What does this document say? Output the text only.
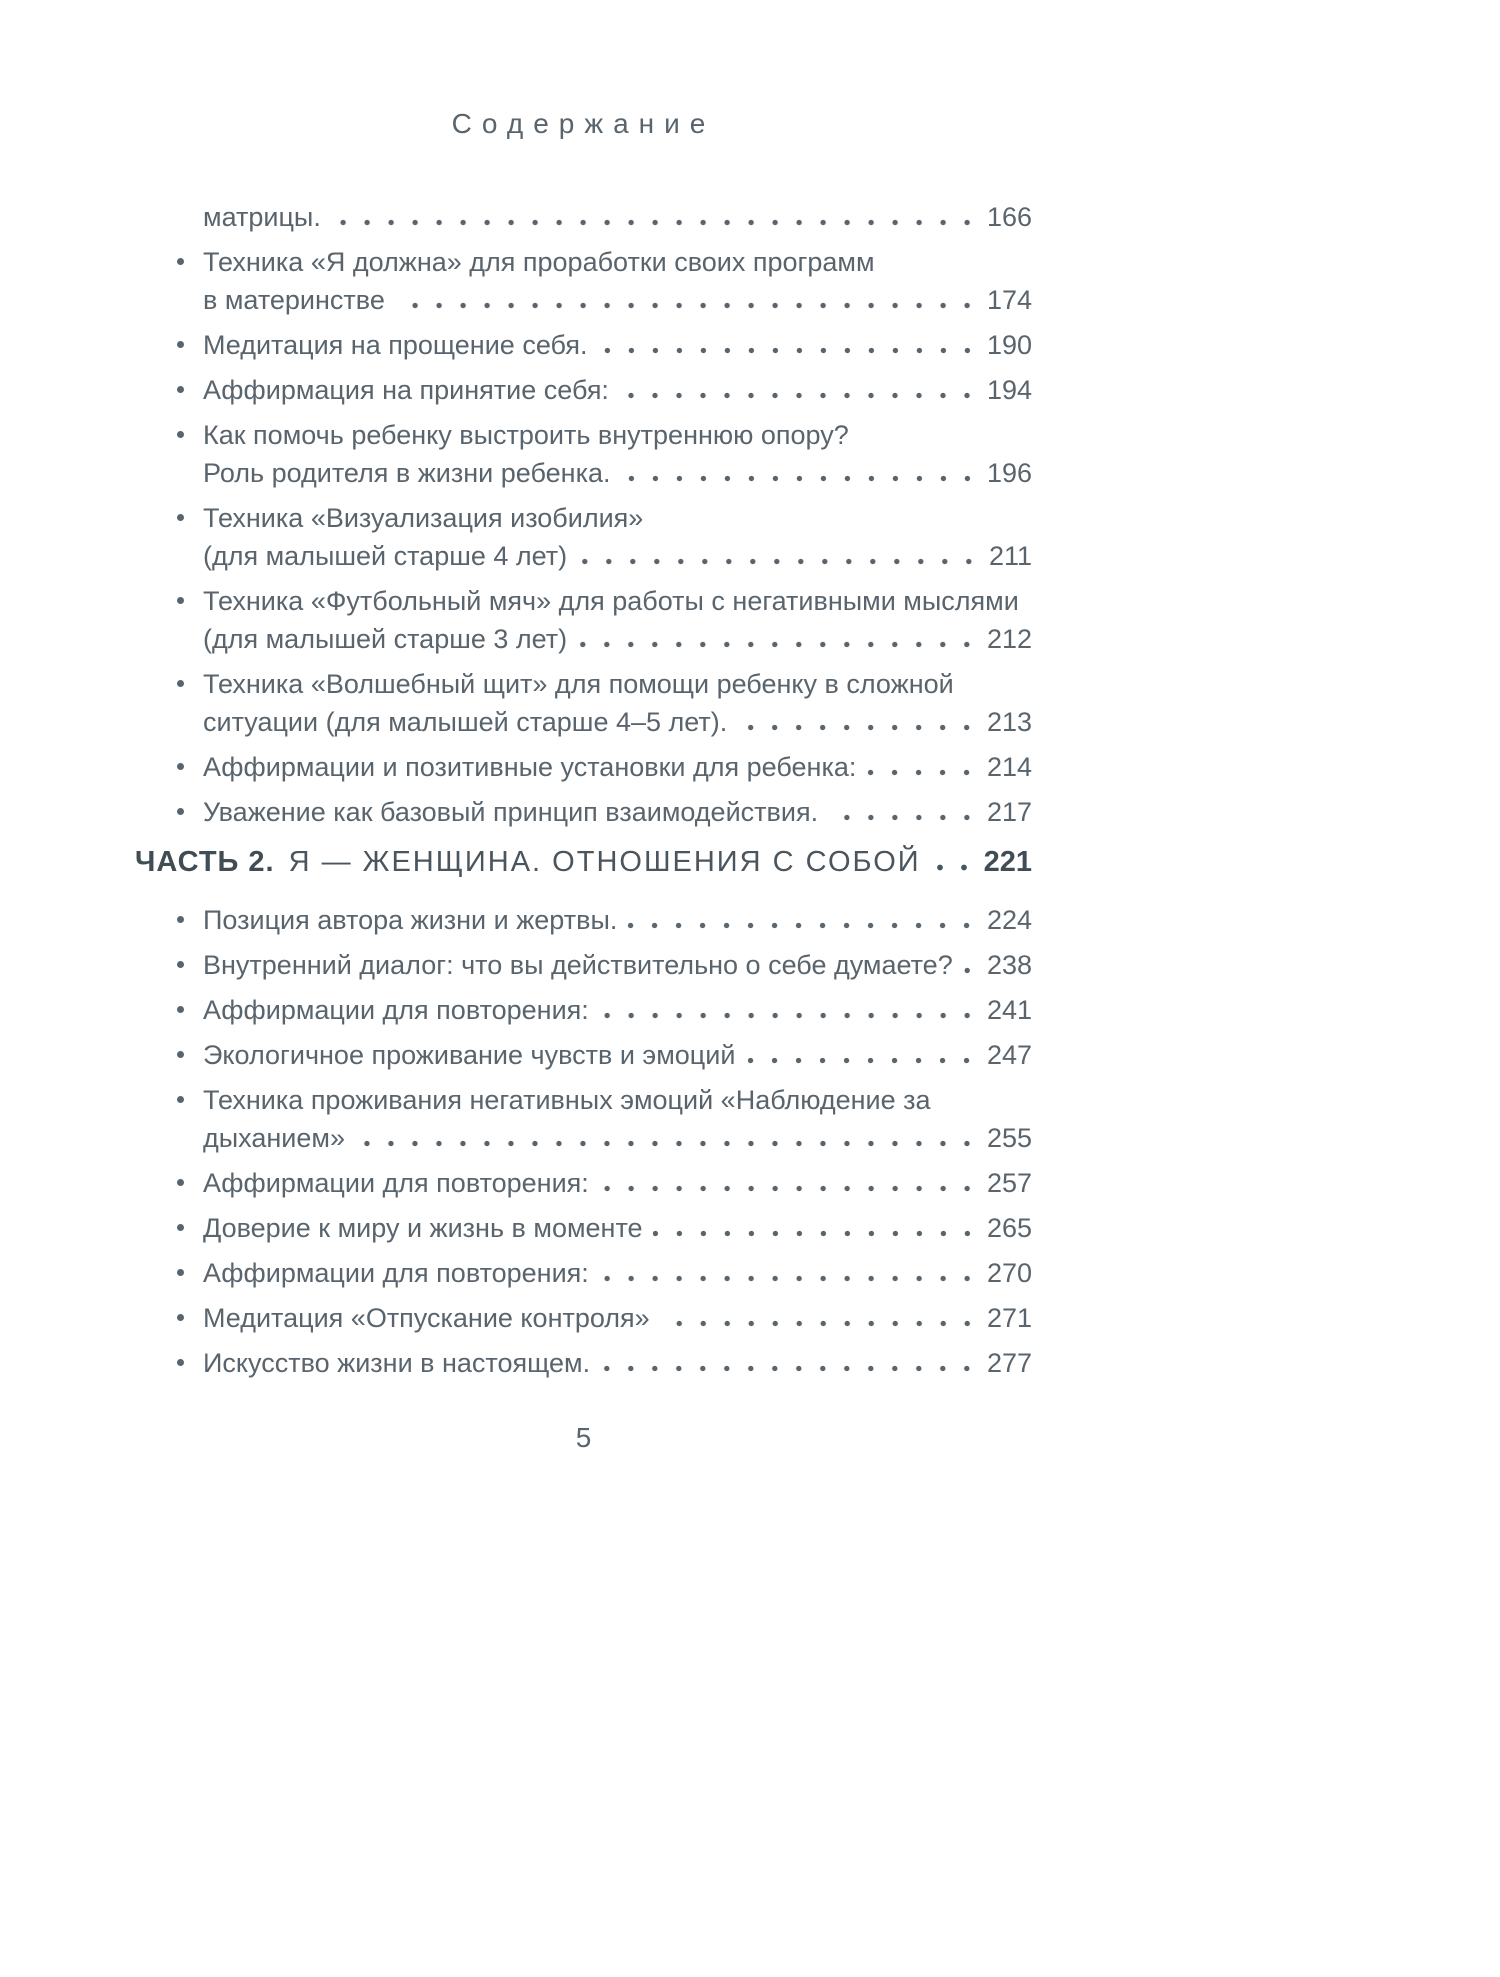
Содержание
матрицы.	166
Техника «Я должна» для проработки своих программ
в материнстве	174
Медитация на прощение себя.	190
Аффирмация на принятие себя:	194
Как помочь ребенку выстроить внутреннюю опору?
Роль родителя в жизни ребенка.	196
Техника «Визуализация изобилия»
(для малышей старше 4 лет)	211
Техника «Футбольный мяч» для работы с негативными мыслями
(для малышей старше 3 лет)	212
Техника «Волшебный щит» для помощи ребенку в сложной
ситуации (для малышей старше 4–5 лет).	213
Аффирмации и позитивные установки для ребенка:	214
Уважение как базовый принцип взаимодействия.	217
ЧАСТЬ 2. Я — ЖЕНЩИНА. ОТНОШЕНИЯ С СОБОЙ 221
Позиция автора жизни и жертвы.	224
Внутренний диалог: что вы действительно о себе думаете? 238
Аффирмации для повторения:	241
Экологичное проживание чувств и эмоций	247
Техника проживания негативных эмоций «Наблюдение за
дыханием»	255
Аффирмации для повторения:	257
Доверие к миру и жизнь в моменте	265
Аффирмации для повторения:	270
Медитация «Отпускание контроля»	271
Искусство жизни в настоящем.	277
5
